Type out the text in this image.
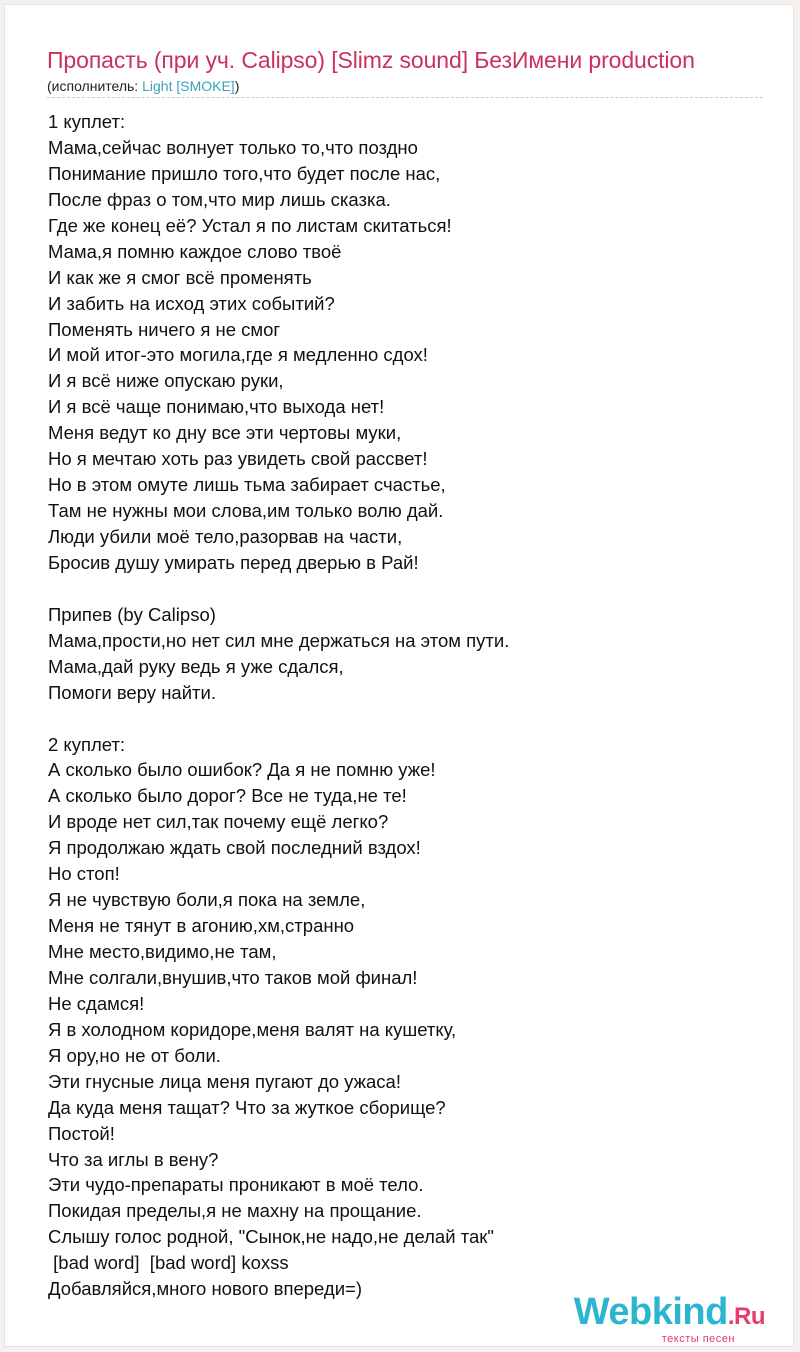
Пропасть (при уч. Calipso) [Slimz sound] БезИмени production
(исполнитель: Light [SMOKE])
1 куплет:
Мама,сейчас волнует только то,что поздно
Понимание пришло того,что будет после нас,
После фраз о том,что мир лишь сказка.
Где же конец её? Устал я по листам скитаться!
Мама,я помню каждое слово твоё
И как же я смог всё променять
И забить на исход этих событий?
Поменять ничего я не смог
И мой итог-это могила,где я медленно сдох!
И я всё ниже опускаю руки,
И я всё чаще понимаю,что выхода нет!
Меня ведут ко дну все эти чертовы муки,
Но я мечтаю хоть раз увидеть свой рассвет!
Но в этом омуте лишь тьма забирает счастье,
Там не нужны мои слова,им только волю дай.
Люди убили моё тело,разорвав на части,
Бросив душу умирать перед дверью в Рай!
Припев (by Calipso)
Мама,прости,но нет сил мне держаться на этом пути.
Мама,дай руку ведь я уже сдался,
Помоги веру найти.
2 куплет:
А сколько было ошибок? Да я не помню уже!
А сколько было дорог? Все не туда,не те!
И вроде нет сил,так почему ещё легко?
Я продолжаю ждать свой последний вздох!
Но стоп!
Я не чувствую боли,я пока на земле,
Меня не тянут в агонию,хм,странно
Мне место,видимо,не там,
Мне солгали,внушив,что таков мой финал!
Не сдамся!
Я в холодном коридоре,меня валят на кушетку,
Я ору,но не от боли.
Эти гнусные лица меня пугают до ужаса!
Да куда меня тащат? Что за жуткое сборище?
Постой!
Что за иглы в вену?
Эти чудо-препараты проникают в моё тело.
Покидая пределы,я не махну на прощание.
Слышу голос родной, "Сынок,не надо,не делай так"
[bad word]  [bad word] koxss
Добавляйся,много нового впереди=)
Webkind.Ru
тексты песен
